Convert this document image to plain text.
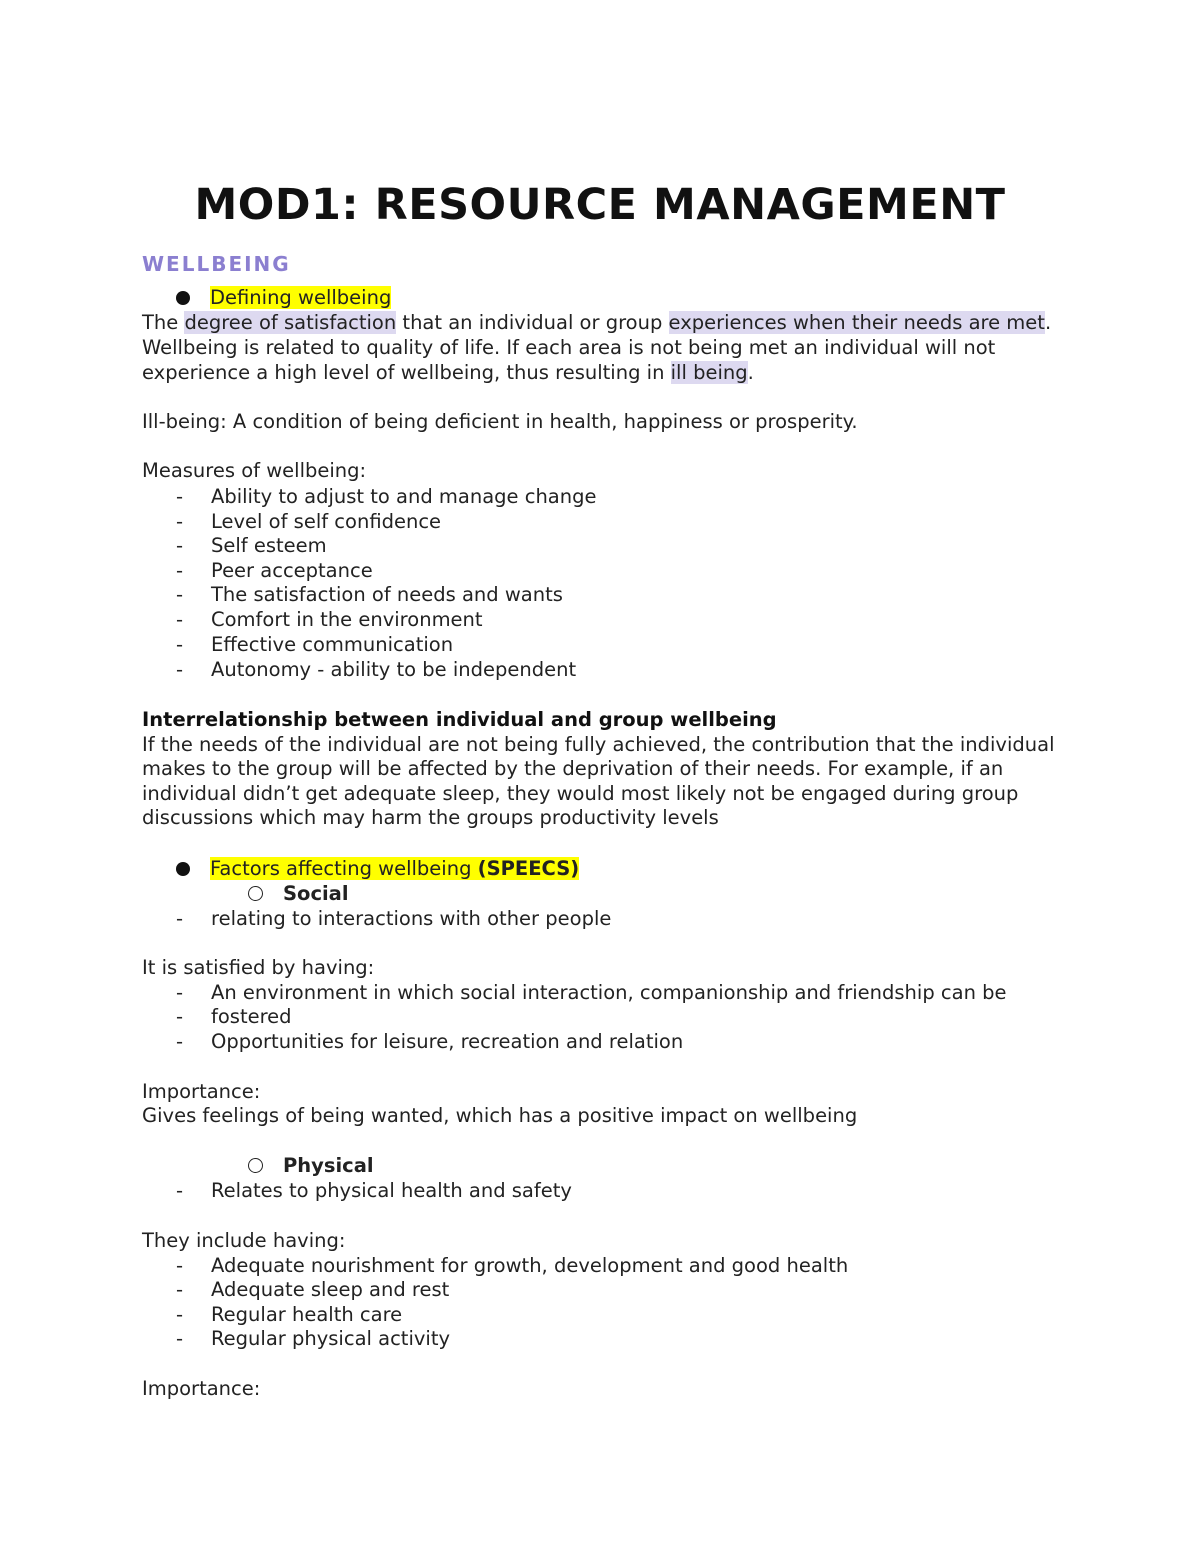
MOD1: RESOURCE MANAGEMENT
WELLBEING
Defining wellbeing
The degree of satisfaction that an individual or group experiences when their needs are met.
Wellbeing is related to quality of life. If each area is not being met an individual will not
experience a high level of wellbeing, thus resulting in ill being.
Ill-being: A condition of being deficient in health, happiness or prosperity.
Measures of wellbeing:
- Ability to adjust to and manage change
- Level of self confidence
- Self esteem
- Peer acceptance
- The satisfaction of needs and wants
- Comfort in the environment
- Effective communication
- Autonomy - ability to be independent
Interrelationship between individual and group wellbeing
If the needs of the individual are not being fully achieved, the contribution that the individual
makes to the group will be affected by the deprivation of their needs. For example, if an
individual didn’t get adequate sleep, they would most likely not be engaged during group
discussions which may harm the groups productivity levels
Factors affecting wellbeing (SPEECS)
Social
- relating to interactions with other people
It is satisfied by having:
- An environment in which social interaction, companionship and friendship can be
- fostered
- Opportunities for leisure, recreation and relation
Importance:
Gives feelings of being wanted, which has a positive impact on wellbeing
Physical
- Relates to physical health and safety
They include having:
- Adequate nourishment for growth, development and good health
- Adequate sleep and rest
- Regular health care
- Regular physical activity
Importance:
